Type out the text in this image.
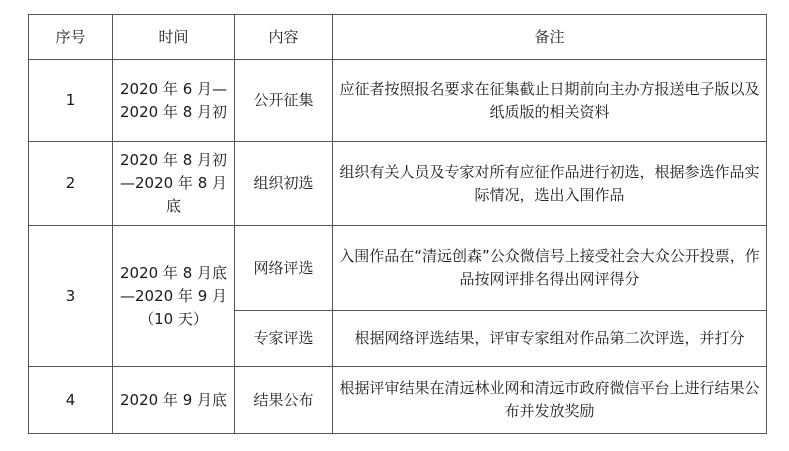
序号	时间	内容	备注
1	2020 年 6 月—2020 年 8 月初	公开征集	应征者按照报名要求在征集截止日期前向主办方报送电子版以及纸质版的相关资料
2	2020 年 8 月初—2020 年 8 月底	组织初选	组织有关人员及专家对所有应征作品进行初选，根据参选作品实际情况，选出入围作品
3	2020 年 8 月底—2020 年 9 月（10 天）	网络评选	入围作品在“清远创森”公众微信号上接受社会大众公开投票，作品按网评排名得出网评得分
		专家评选	根据网络评选结果，评审专家组对作品第二次评选，并打分
4	2020 年 9 月底	结果公布	根据评审结果在清远林业网和清远市政府微信平台上进行结果公布并发放奖励
